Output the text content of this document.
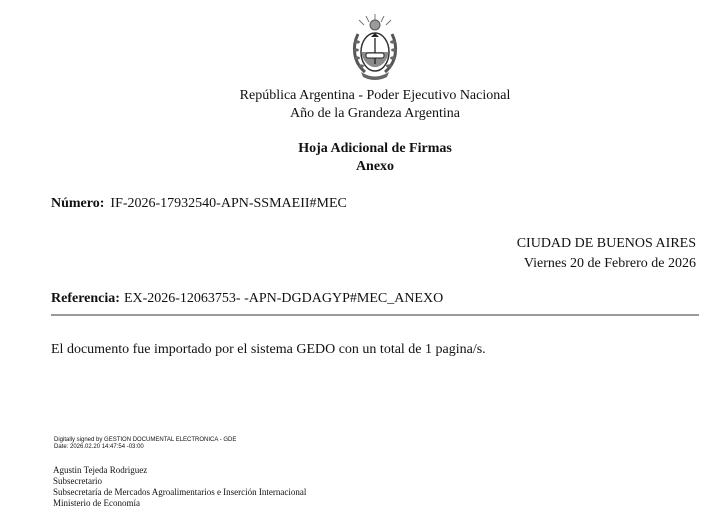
República Argentina - Poder Ejecutivo Nacional
Año de la Grandeza Argentina
Hoja Adicional de Firmas
Anexo
Número: IF-2026-17932540-APN-SSMAEII#MEC
CIUDAD DE BUENOS AIRES
Viernes 20 de Febrero de 2026
Referencia: EX-2026-12063753- -APN-DGDAGYP#MEC_ANEXO
El documento fue importado por el sistema GEDO con un total de 1 pagina/s.
Digitally signed by GESTION DOCUMENTAL ELECTRONICA - GDE
Date: 2026.02.20 14:47:54 -03:00
Agustin Tejeda Rodriguez
Subsecretario
Subsecretaría de Mercados Agroalimentarios e Inserción Internacional
Ministerio de Economía
